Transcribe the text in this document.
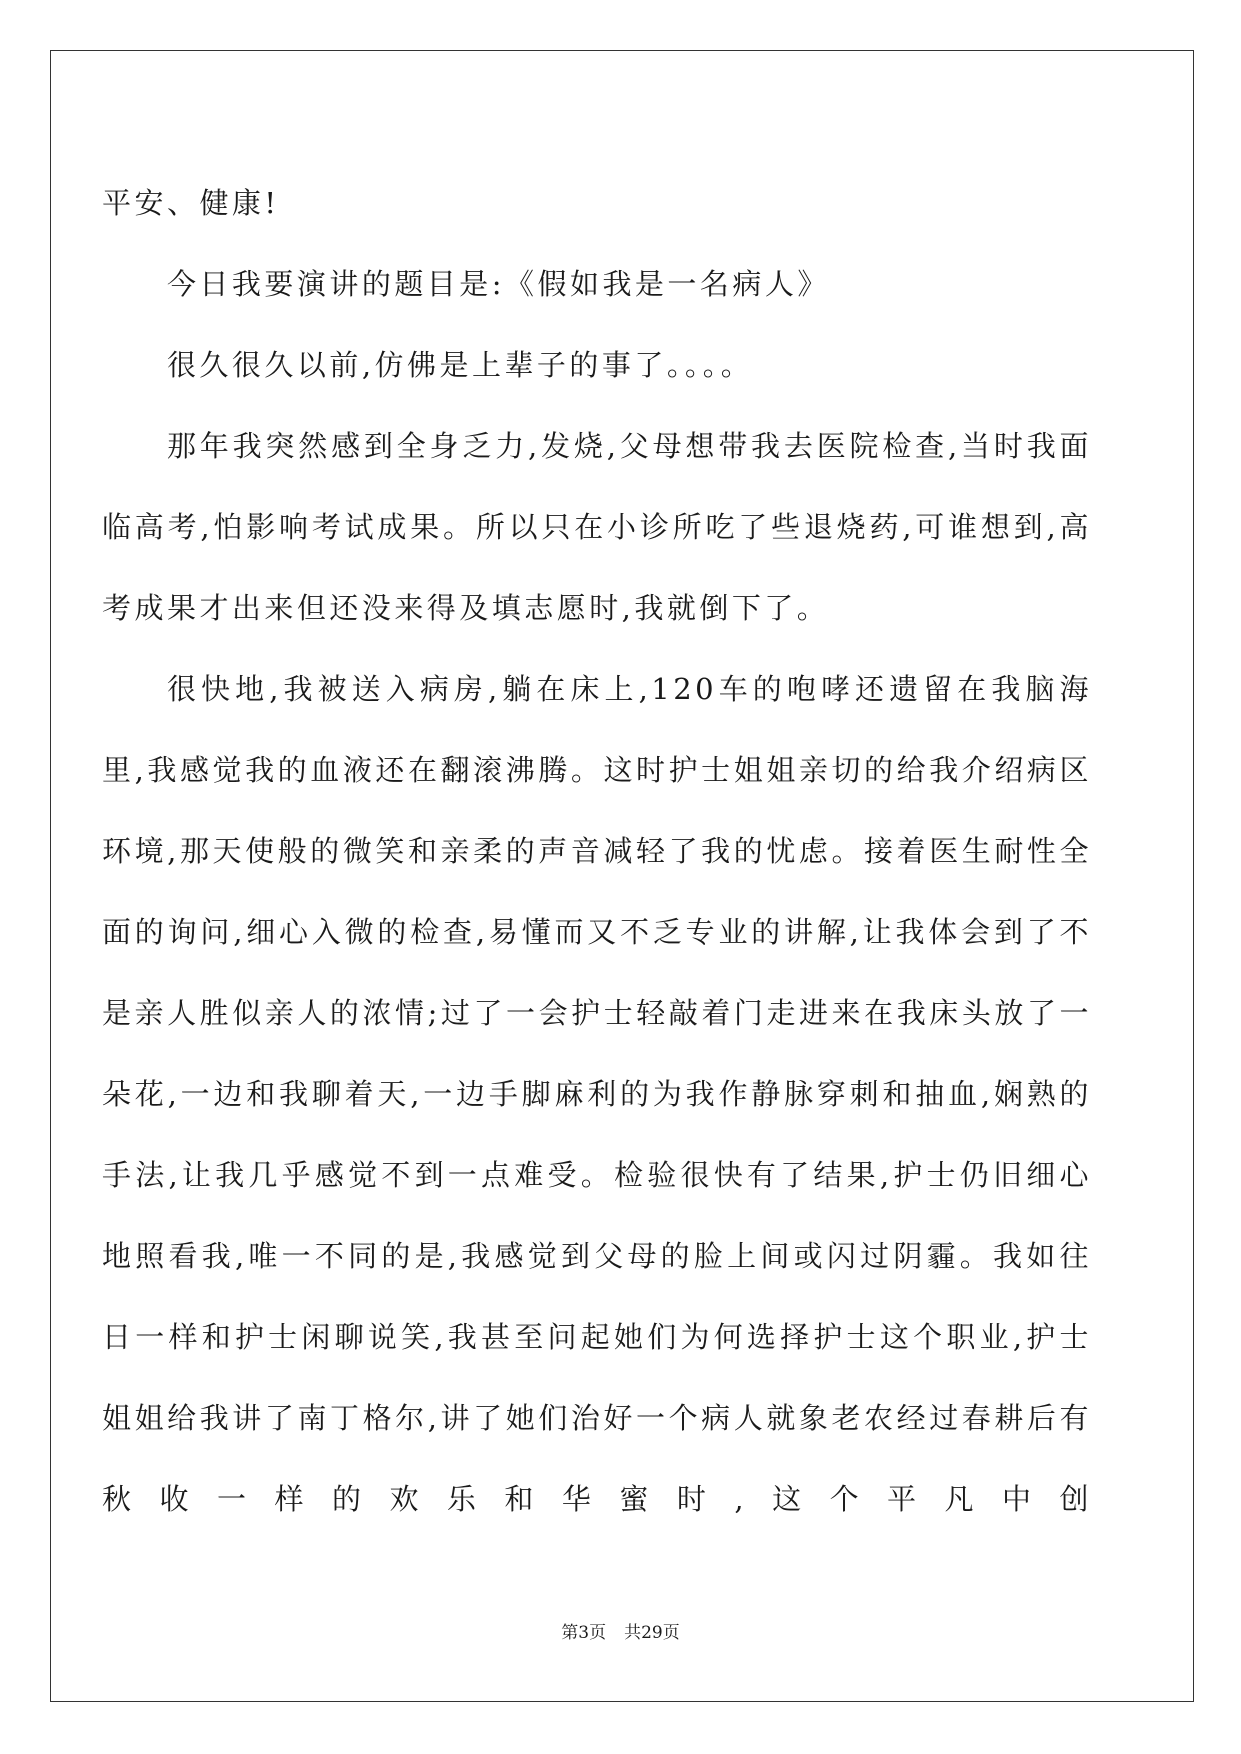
平安、健康!

今日我要演讲的题目是:《假如我是一名病人》

很久很久以前,仿佛是上辈子的事了。。。。

那年我突然感到全身乏力,发烧,父母想带我去医院检查,当时我面临高考,怕影响考试成果。所以只在小诊所吃了些退烧药,可谁想到,高考成果才出来但还没来得及填志愿时,我就倒下了。

很快地,我被送入病房,躺在床上,120车的咆哮还遗留在我脑海里,我感觉我的血液还在翻滚沸腾。这时护士姐姐亲切的给我介绍病区环境,那天使般的微笑和亲柔的声音减轻了我的忧虑。接着医生耐性全面的询问,细心入微的检查,易懂而又不乏专业的讲解,让我体会到了不是亲人胜似亲人的浓情;过了一会护士轻敲着门走进来在我床头放了一朵花,一边和我聊着天,一边手脚麻利的为我作静脉穿刺和抽血,娴熟的手法,让我几乎感觉不到一点难受。检验很快有了结果,护士仍旧细心地照看我,唯一不同的是,我感觉到父母的脸上间或闪过阴霾。我如往日一样和护士闲聊说笑,我甚至问起她们为何选择护士这个职业,护士姐姐给我讲了南丁格尔,讲了她们治好一个病人就象老农经过春耕后有秋收一样的欢乐和华蜜时,这个平凡中创

第3页 共29页
